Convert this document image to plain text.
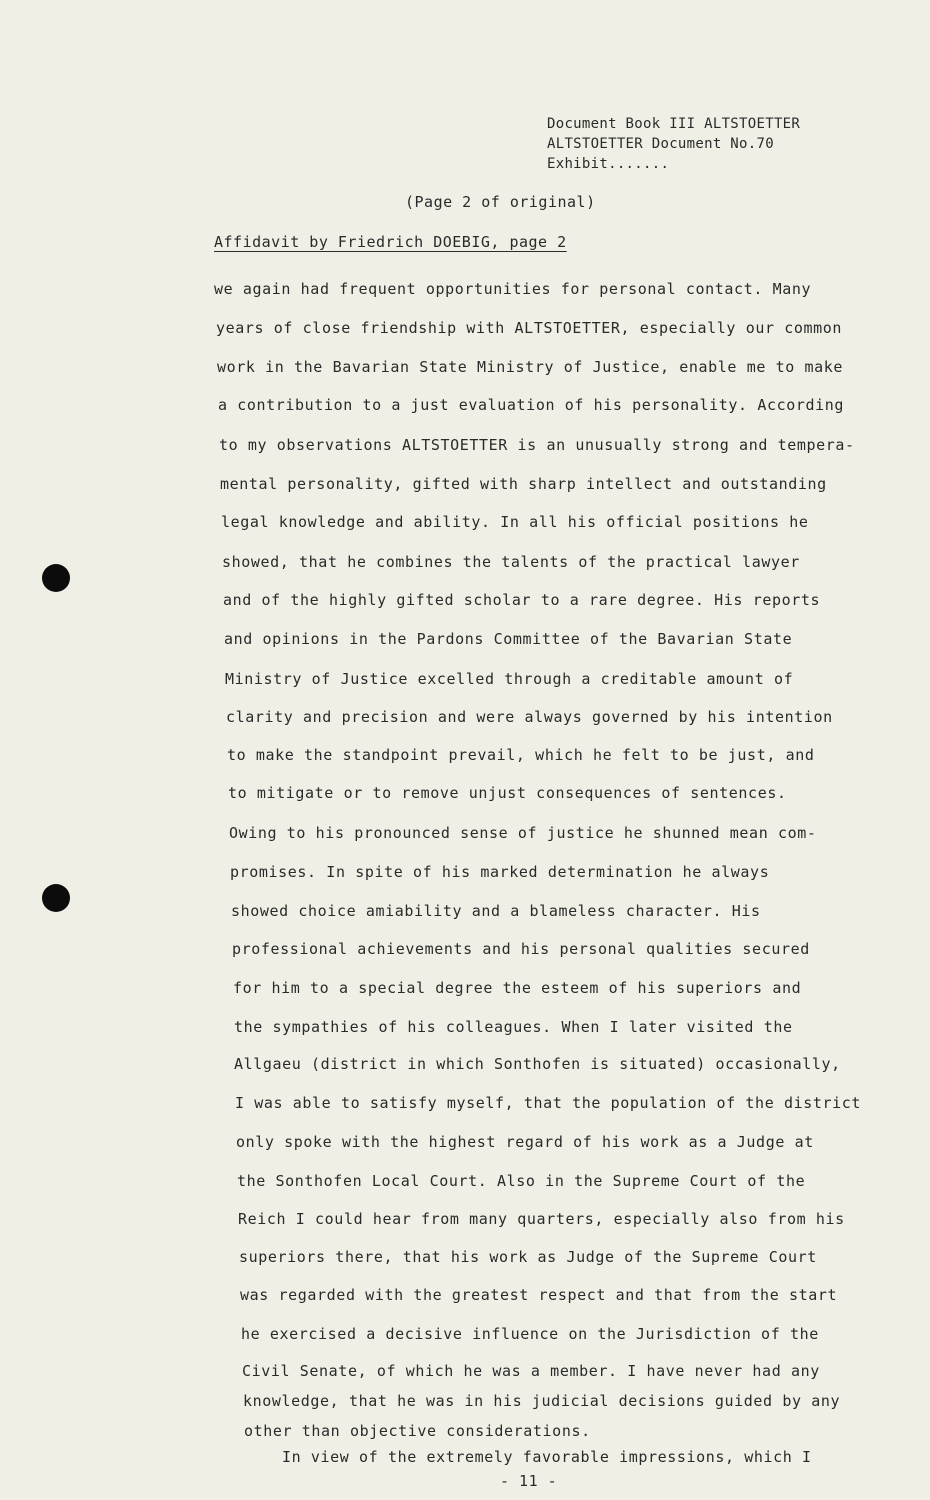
Document Book III ALTSTOETTER
ALTSTOETTER Document No.70
Exhibit.......
(Page 2 of original)
Affidavit by Friedrich DOEBIG, page 2
we again had frequent opportunities for personal contact. Many
years of close friendship with ALTSTOETTER, especially our common
work in the Bavarian State Ministry of Justice, enable me to make
a contribution to a just evaluation of his personality. According
to my observations ALTSTOETTER is an unusually strong and tempera-
mental personality, gifted with sharp intellect and outstanding
legal knowledge and ability. In all his official positions he
showed, that he combines the talents of the practical lawyer
and of the highly gifted scholar to a rare degree. His reports
and opinions in the Pardons Committee of the Bavarian State
Ministry of Justice excelled through a creditable amount of
clarity and precision and were always governed by his intention
to make the standpoint prevail, which he felt to be just, and
to mitigate or to remove unjust consequences of sentences.
Owing to his pronounced sense of justice he shunned mean com-
promises. In spite of his marked determination he always
showed choice amiability and a blameless character. His
professional achievements and his personal qualities secured
for him to a special degree the esteem of his superiors and
the sympathies of his colleagues. When I later visited the
Allgaeu (district in which Sonthofen is situated) occasionally,
I was able to satisfy myself, that the population of the district
only spoke with the highest regard of his work as a Judge at
the Sonthofen Local Court. Also in the Supreme Court of the
Reich I could hear from many quarters, especially also from his
superiors there, that his work as Judge of the Supreme Court
was regarded with the greatest respect and that from the start
he exercised a decisive influence on the Jurisdiction of the
Civil Senate, of which he was a member. I have never had any
knowledge, that he was in his judicial decisions guided by any
other than objective considerations.
In view of the extremely favorable impressions, which I
- 11 -
